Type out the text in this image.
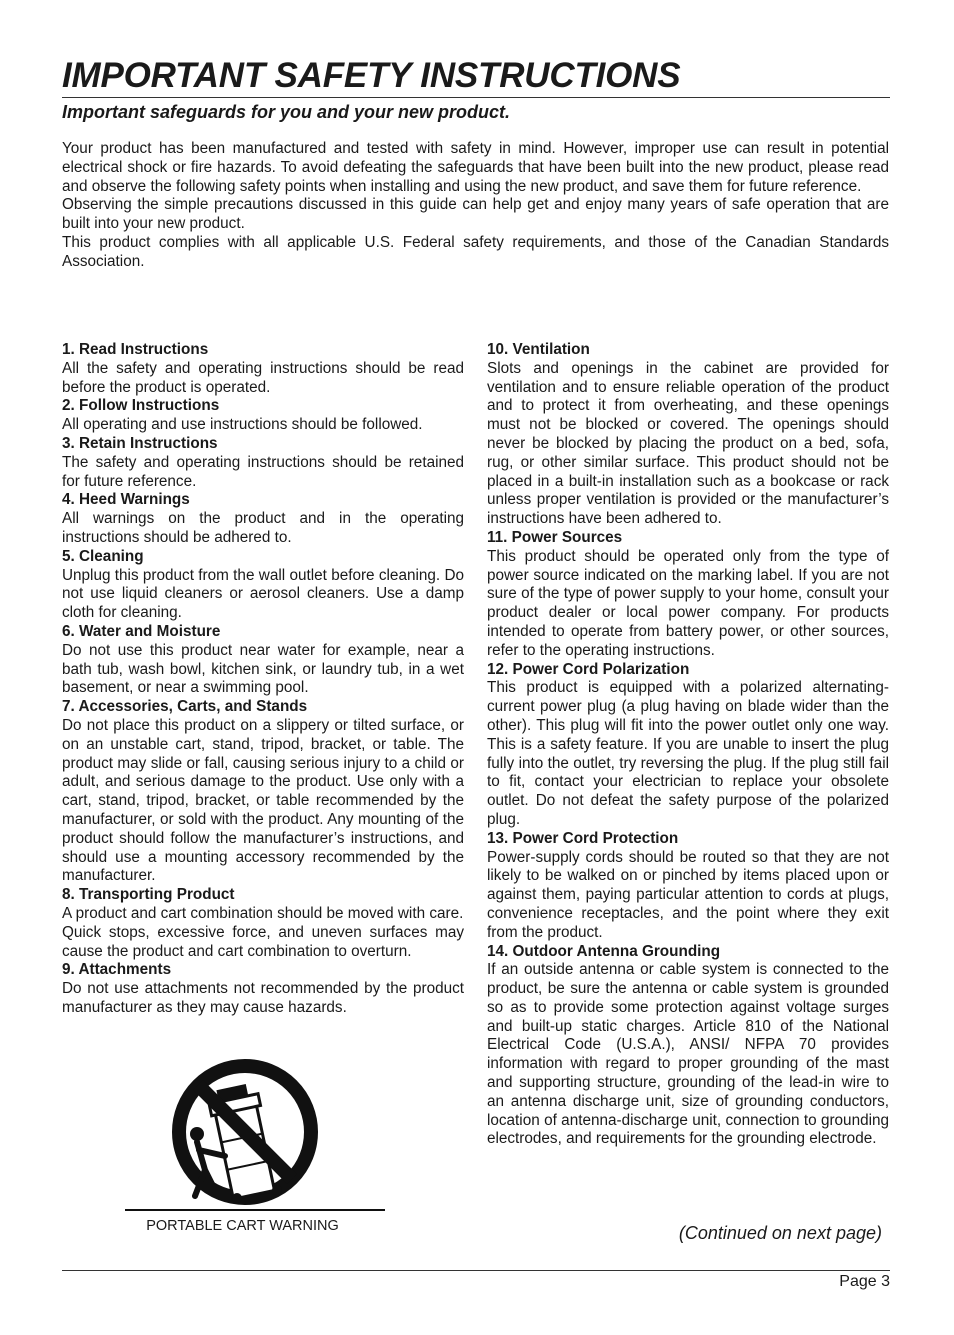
IMPORTANT SAFETY INSTRUCTIONS
Important safeguards for you and your new product.

Your product has been manufactured and tested with safety in mind. However, improper use can result in potential electrical shock or fire hazards. To avoid defeating the safeguards that have been built into the new product, please read and observe the following safety points when installing and using the new product, and save them for future reference.

Observing the simple precautions discussed in this guide can help get and enjoy many years of safe operation that are built into your new product.

This product complies with all applicable U.S. Federal safety requirements, and those of the Canadian Standards Association.

1. Read Instructions

All the safety and operating instructions should be read before the product is operated.

2. Follow Instructions

All operating and use instructions should be followed.

3. Retain Instructions

The safety and operating instructions should be retained for future reference.

4. Heed Warnings

All warnings on the product and in the operating instructions should be adhered to.

5. Cleaning

Unplug this product from the wall outlet before cleaning. Do not use liquid cleaners or aerosol cleaners. Use a damp cloth for cleaning.

6. Water and Moisture

Do not use this product near water for example, near a bath tub, wash bowl, kitchen sink, or laundry tub, in a wet basement, or near a swimming pool.

7. Accessories, Carts, and Stands

Do not place this product on a slippery or tilted surface, or on an unstable cart, stand, tripod, bracket, or table. The product may slide or fall, causing serious injury to a child or adult, and serious damage to the product. Use only with a cart, stand, tripod, bracket, or table recommended by the manufacturer, or sold with the product. Any mounting of the product should follow the manufacturer’s instructions, and should use a mounting accessory recommended by the manufacturer.

8. Transporting Product

A product and cart combination should be moved with care.

Quick stops, excessive force, and uneven surfaces may cause the product and cart combination to overturn.

9. Attachments

Do not use attachments not recommended by the product manufacturer as they may cause hazards.

10. Ventilation

Slots and openings in the cabinet are provided for ventilation and to ensure reliable operation of the product and to protect it from overheating, and these openings must not be blocked or covered. The openings should never be blocked by placing the product on a bed, sofa, rug, or other similar surface. This product should not be placed in a built-in installation such as a bookcase or rack unless proper ventilation is provided or the manufacturer’s instructions have been adhered to.

11. Power Sources

This product should be operated only from the type of power source indicated on the marking label. If you are not sure of the type of power supply to your home, consult your product dealer or local power company. For products intended to operate from battery power, or other sources, refer to the operating instructions.

12. Power Cord Polarization

This product is equipped with a polarized alternating-current power plug (a plug having on blade wider than the other). This plug will fit into the power outlet only one way. This is a safety feature. If you are unable to insert the plug fully into the outlet, try reversing the plug. If the plug still fail to fit, contact your electrician to replace your obsolete outlet. Do not defeat the safety purpose of the polarized plug.

13. Power Cord Protection

Power-supply cords should be routed so that they are not likely to be walked on or pinched by items placed upon or against them, paying particular attention to cords at plugs, convenience receptacles, and the point where they exit from the product.

14. Outdoor Antenna Grounding

If an outside antenna or cable system is connected to the product, be sure the antenna or cable system is grounded so as to provide some protection against voltage surges and built-up static charges. Article 810 of the National Electrical Code (U.S.A.), ANSI/ NFPA 70 provides information with regard to proper grounding of the mast and supporting structure, grounding of the lead-in wire to an antenna discharge unit, size of grounding conductors, location of antenna-discharge unit, connection to grounding electrodes, and requirements for the grounding electrode.

PORTABLE CART WARNING	(Continued on next page)
Page 3
